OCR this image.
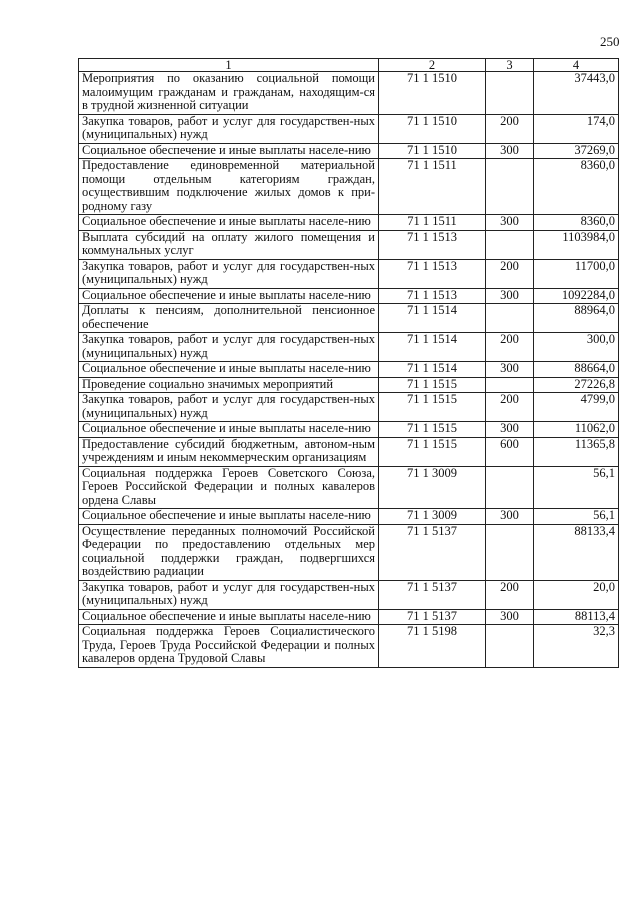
250
1	2	3	4
Мероприятия по оказанию социальной помощи малоимущим гражданам и гражданам, находящим-ся в трудной жизненной ситуации	71 1 1510		37443,0
Закупка товаров, работ и услуг для государствен-ных (муниципальных) нужд	71 1 1510	200	174,0
Социальное обеспечение и иные выплаты населе-нию	71 1 1510	300	37269,0
Предоставление единовременной материальной помощи отдельным категориям граждан, осуществившим подключение жилых домов к при-родному газу	71 1 1511		8360,0
Социальное обеспечение и иные выплаты населе-нию	71 1 1511	300	8360,0
Выплата субсидий на оплату жилого помещения и коммунальных услуг	71 1 1513		1103984,0
Закупка товаров, работ и услуг для государствен-ных (муниципальных) нужд	71 1 1513	200	11700,0
Социальное обеспечение и иные выплаты населе-нию	71 1 1513	300	1092284,0
Доплаты к пенсиям, дополнительной пенсионное обеспечение	71 1 1514		88964,0
Закупка товаров, работ и услуг для государствен-ных (муниципальных) нужд	71 1 1514	200	300,0
Социальное обеспечение и иные выплаты населе-нию	71 1 1514	300	88664,0
Проведение социально значимых мероприятий	71 1 1515		27226,8
Закупка товаров, работ и услуг для государствен-ных (муниципальных) нужд	71 1 1515	200	4799,0
Социальное обеспечение и иные выплаты населе-нию	71 1 1515	300	11062,0
Предоставление субсидий бюджетным, автоном-ным учреждениям и иным некоммерческим организациям	71 1 1515	600	11365,8
Социальная поддержка Героев Советского Союза, Героев Российской Федерации и полных кавалеров ордена Славы	71 1 3009		56,1
Социальное обеспечение и иные выплаты населе-нию	71 1 3009	300	56,1
Осуществление переданных полномочий Российской Федерации по предоставлению отдельных мер социальной поддержки граждан, подвергшихся воздействию радиации	71 1 5137		88133,4
Закупка товаров, работ и услуг для государствен-ных (муниципальных) нужд	71 1 5137	200	20,0
Социальное обеспечение и иные выплаты населе-нию	71 1 5137	300	88113,4
Социальная поддержка Героев Социалистического Труда, Героев Труда Российской Федерации и полных кавалеров ордена Трудовой Славы	71 1 5198		32,3
